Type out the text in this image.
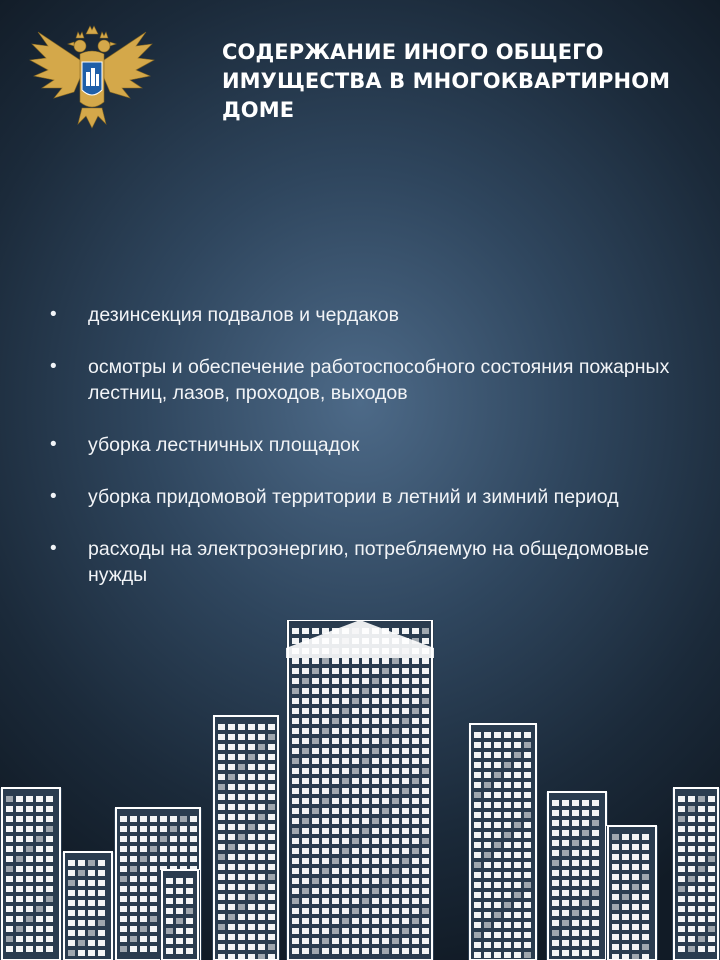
СОДЕРЖАНИЕ ИНОГО ОБЩЕГО ИМУЩЕСТВА В МНОГОКВАРТИРНОМ ДОМЕ
• дезинсекция подвалов и чердаков
• осмотры и обеспечение работоспособного состояния пожарных лестниц, лазов, проходов, выходов
• уборка лестничных площадок
• уборка придомовой территории в летний и зимний период
• расходы на электроэнергию, потребляемую на общедомовые нужды
